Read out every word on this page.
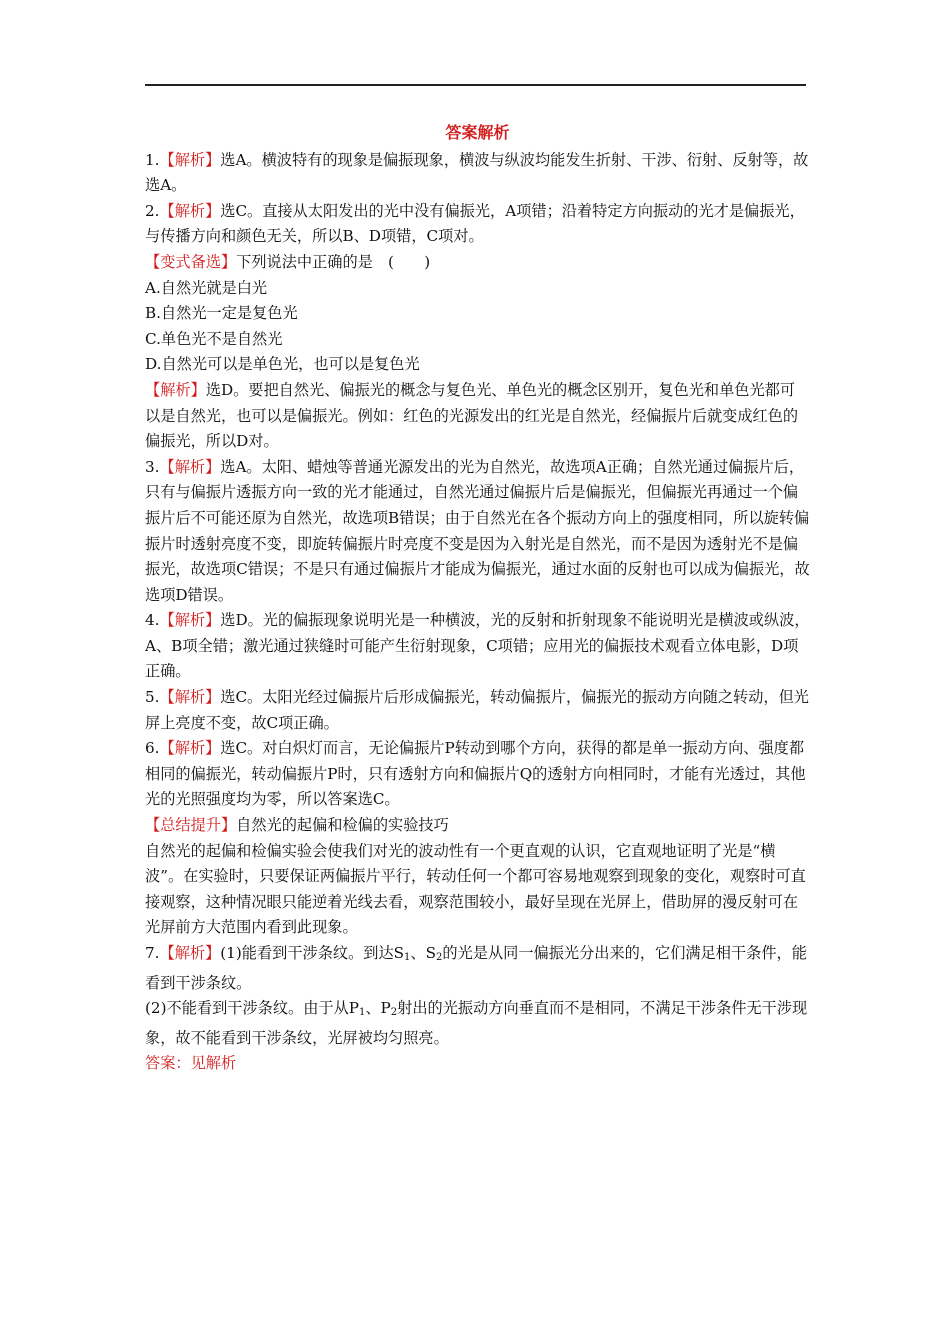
答案解析

1.【解析】选A。横波特有的现象是偏振现象，横波与纵波均能发生折射、干涉、衍射、反射等，故选A。

2.【解析】选C。直接从太阳发出的光中没有偏振光，A项错；沿着特定方向振动的光才是偏振光，与传播方向和颜色无关，所以B、D项错，C项对。

【变式备选】下列说法中正确的是　(　　)

A.自然光就是白光

B.自然光一定是复色光

C.单色光不是自然光

D.自然光可以是单色光，也可以是复色光

【解析】选D。要把自然光、偏振光的概念与复色光、单色光的概念区别开，复色光和单色光都可以是自然光，也可以是偏振光。例如：红色的光源发出的红光是自然光，经偏振片后就变成红色的偏振光，所以D对。

3.【解析】选A。太阳、蜡烛等普通光源发出的光为自然光，故选项A正确；自然光通过偏振片后，只有与偏振片透振方向一致的光才能通过，自然光通过偏振片后是偏振光，但偏振光再通过一个偏振片后不可能还原为自然光，故选项B错误；由于自然光在各个振动方向上的强度相同，所以旋转偏振片时透射亮度不变，即旋转偏振片时亮度不变是因为入射光是自然光，而不是因为透射光不是偏振光，故选项C错误；不是只有通过偏振片才能成为偏振光，通过水面的反射也可以成为偏振光，故选项D错误。

4.【解析】选D。光的偏振现象说明光是一种横波，光的反射和折射现象不能说明光是横波或纵波，A、B项全错；激光通过狭缝时可能产生衍射现象，C项错；应用光的偏振技术观看立体电影，D项正确。

5.【解析】选C。太阳光经过偏振片后形成偏振光，转动偏振片，偏振光的振动方向随之转动，但光屏上亮度不变，故C项正确。

6.【解析】选C。对白炽灯而言，无论偏振片P转动到哪个方向，获得的都是单一振动方向、强度都相同的偏振光，转动偏振片P时，只有透射方向和偏振片Q的透射方向相同时，才能有光透过，其他光的光照强度均为零，所以答案选C。

【总结提升】自然光的起偏和检偏的实验技巧

自然光的起偏和检偏实验会使我们对光的波动性有一个更直观的认识，它直观地证明了光是“横波”。在实验时，只要保证两偏振片平行，转动任何一个都可容易地观察到现象的变化，观察时可直接观察，这种情况眼只能逆着光线去看，观察范围较小，最好呈现在光屏上，借助屏的漫反射可在光屏前方大范围内看到此现象。

7.【解析】(1)能看到干涉条纹。到达$S_1$、$S_2$的光是从同一偏振光分出来的，它们满足相干条件，能看到干涉条纹。

(2)不能看到干涉条纹。由于从$P_1$、$P_2$射出的光振动方向垂直而不是相同，不满足干涉条件无干涉现象，故不能看到干涉条纹，光屏被均匀照亮。

答案：见解析
